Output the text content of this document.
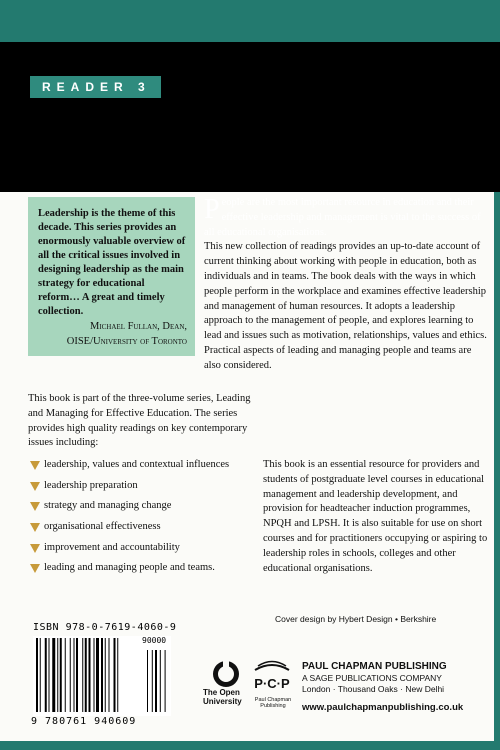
READER 3
Leadership is the theme of this decade. This series provides an enormously valuable overview of all the critical issues involved in designing leadership as the main strategy for educational reform… A great and timely collection.
Michael Fullan, Dean,
OISE/University of Toronto
P eople are the most important resource in education and their effective leadership and management is vital to the success of all educational organisations.

This new collection of readings provides an up-to-date account of current thinking about working with people in education, both as individuals and in teams. The book deals with the ways in which people perform in the workplace and examines effective leadership and management of human resources. It adopts a leadership approach to the management of people, and explores learning to lead and issues such as motivation, relationships, values and ethics. Practical aspects of leading and managing people and teams are also considered.

This book is part of the three-volume series, Leading and Managing for Effective Education. The series provides high quality readings on key contemporary issues including:

leadership, values and contextual influences
leadership preparation
strategy and managing change
organisational effectiveness
improvement and accountability
leading and managing people and teams.
This book is an essential resource for providers and students of postgraduate level courses in educational management and leadership development, and provision for headteacher induction programmes, NPQH and LPSH. It is also suitable for use on short courses and for practitioners occupying or aspiring to leadership roles in schools, colleges and other educational organisations.
Cover design by Hybert Design • Berkshire
ISBN 978-0-7619-4060-9
90000
9 780761 940609
The Open
University
P·C·P
Paul Chapman
Publishing
PAUL CHAPMAN PUBLISHING
A SAGE PUBLICATIONS COMPANY
London · Thousand Oaks · New Delhi
www.paulchapmanpublishing.co.uk
